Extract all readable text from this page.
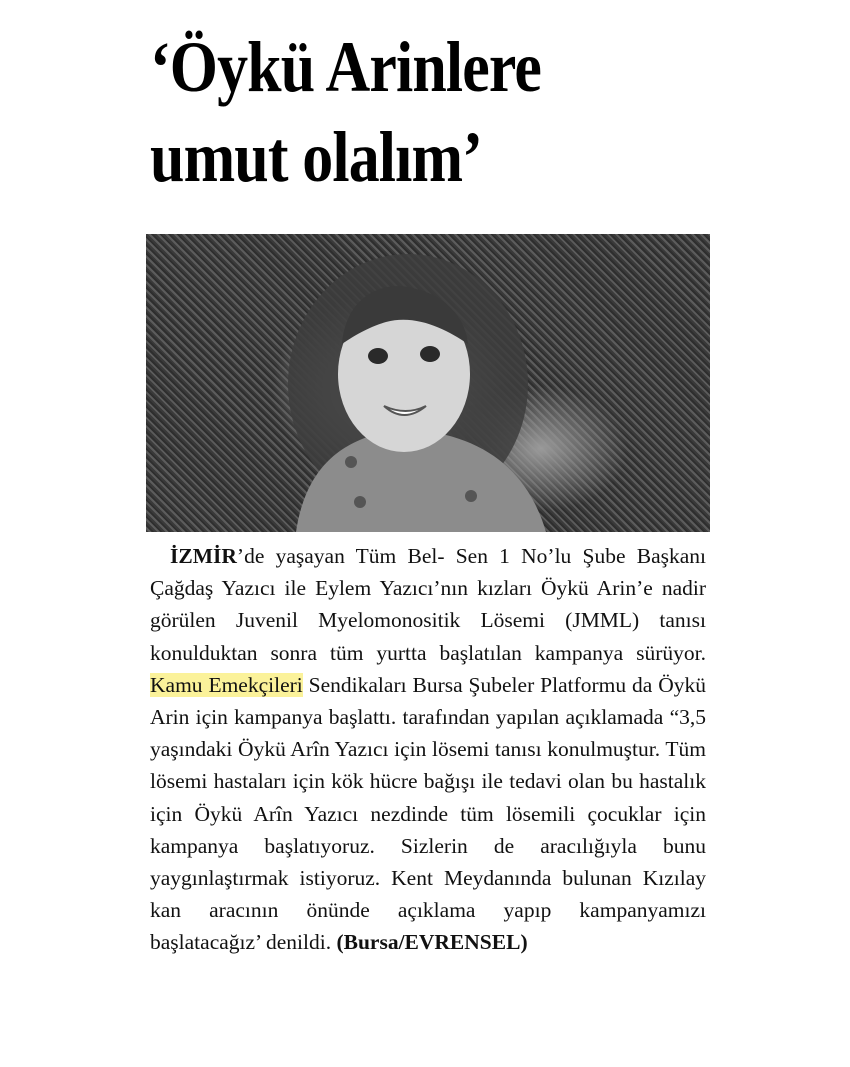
‘Öykü Arinlere
umut olalım’

İZMİR’de yaşayan Tüm Bel- Sen 1 No’lu Şube Başkanı Çağdaş Yazıcı ile Eylem Yazıcı’nın kızları Öykü Arin’e nadir görülen Juvenil Myelomonositik Lösemi (JMML) tanısı konulduktan sonra tüm yurtta başlatılan kampanya sürüyor. Kamu Emekçileri Sendikaları Bursa Şubeler Platformu da Öykü Arin için kampanya başlattı. tarafından yapılan açıklamada “3,5 yaşındaki Öykü Arîn Yazıcı için lösemi tanısı konulmuştur. Tüm lösemi hastaları için kök hücre bağışı ile tedavi olan bu hastalık için Öykü Arîn Yazıcı nezdinde tüm lösemili çocuklar için kampanya başlatıyoruz. Sizlerin de aracılığıyla bunu yaygınlaştırmak istiyoruz. Kent Meydanında bulunan Kızılay kan aracının önünde açıklama yapıp kampanyamızı başlatacağız’ denildi. (Bursa/EVRENSEL)
